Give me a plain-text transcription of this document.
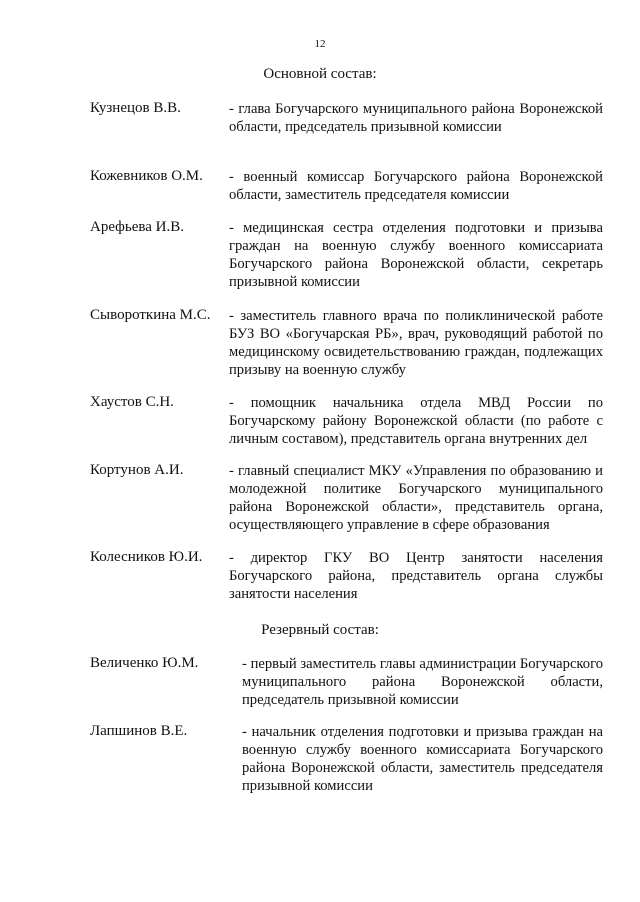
12
Основной состав:
Кузнецов В.В.	- глава Богучарского муниципального района Воронежской области, председатель призывной комиссии
Кожевников О.М. - военный комиссар Богучарского района Воронежской области, заместитель председателя комиссии
Арефьева И.В.	- медицинская сестра отделения подготовки и призыва граждан на военную службу военного комиссариата Богучарского района Воронежской области, секретарь призывной комиссии
Сывороткина М.С. - заместитель главного врача по поликлинической работе БУЗ ВО «Богучарская РБ», врач, руководящий работой по медицинскому освидетельствованию граждан, подлежащих призыву на военную службу
Хаустов С.Н.	- помощник начальника отдела МВД России по Богучарскому району Воронежской области (по работе с личным составом), представитель органа внутренних дел
Кортунов А.И.	- главный специалист МКУ «Управления по образованию и молодежной политике Богучарского муниципального района Воронежской области», представитель органа, осуществляющего управление в сфере образования
Колесников Ю.И. - директор ГКУ ВО Центр занятости населения Богучарского района, представитель органа службы занятости населения
Резервный состав:
Величенко Ю.М.	- первый заместитель главы администрации Богучарского муниципального района Воронежской области, председатель призывной комиссии
Лапшинов В.Е.	- начальник отделения подготовки и призыва граждан на военную службу военного комиссариата Богучарского района Воронежской области, заместитель председателя призывной комиссии
